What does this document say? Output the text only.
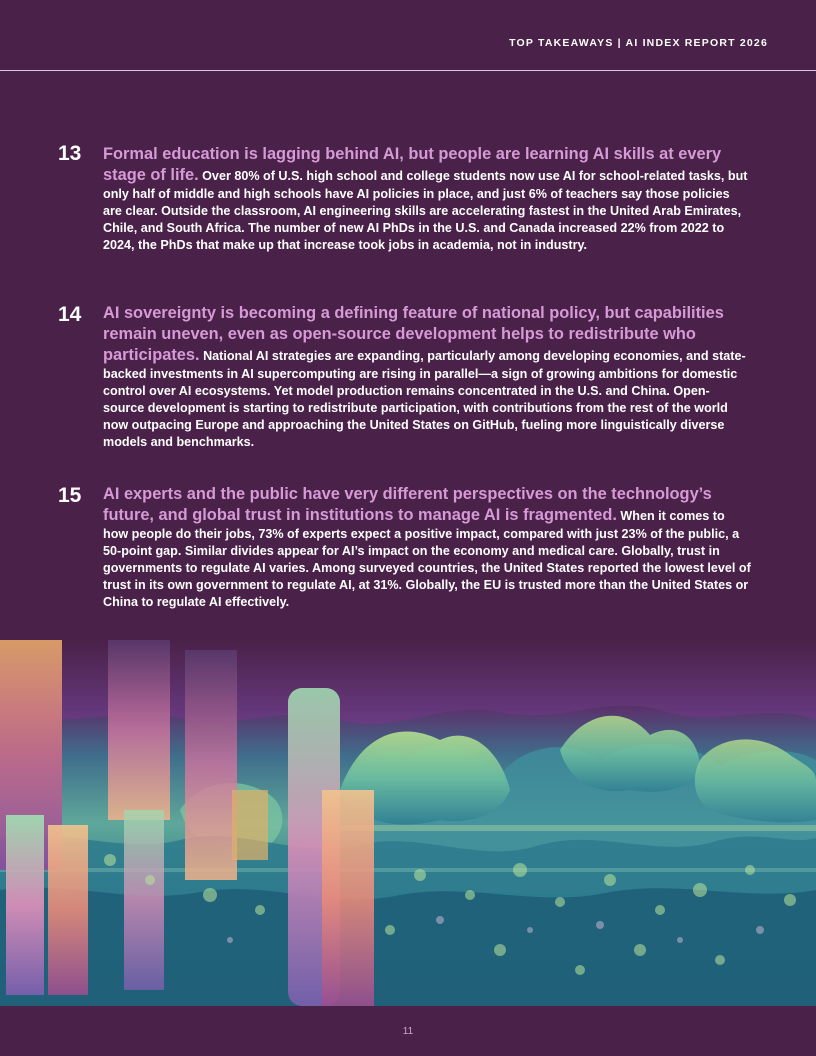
TOP TAKEAWAYS | AI INDEX REPORT 2026
13 Formal education is lagging behind AI, but people are learning AI skills at every stage of life. Over 80% of U.S. high school and college students now use AI for school-related tasks, but only half of middle and high schools have AI policies in place, and just 6% of teachers say those policies are clear. Outside the classroom, AI engineering skills are accelerating fastest in the United Arab Emirates, Chile, and South Africa. The number of new AI PhDs in the U.S. and Canada increased 22% from 2022 to 2024, the PhDs that make up that increase took jobs in academia, not in industry.
14 AI sovereignty is becoming a defining feature of national policy, but capabilities remain uneven, even as open-source development helps to redistribute who participates. National AI strategies are expanding, particularly among developing economies, and state-backed investments in AI supercomputing are rising in parallel—a sign of growing ambitions for domestic control over AI ecosystems. Yet model production remains concentrated in the U.S. and China. Open-source development is starting to redistribute participation, with contributions from the rest of the world now outpacing Europe and approaching the United States on GitHub, fueling more linguistically diverse models and benchmarks.
15 AI experts and the public have very different perspectives on the technology’s future, and global trust in institutions to manage AI is fragmented. When it comes to how people do their jobs, 73% of experts expect a positive impact, compared with just 23% of the public, a 50-point gap. Similar divides appear for AI’s impact on the economy and medical care. Globally, trust in governments to regulate AI varies. Among surveyed countries, the United States reported the lowest level of trust in its own government to regulate AI, at 31%. Globally, the EU is trusted more than the United States or China to regulate AI effectively.
11
